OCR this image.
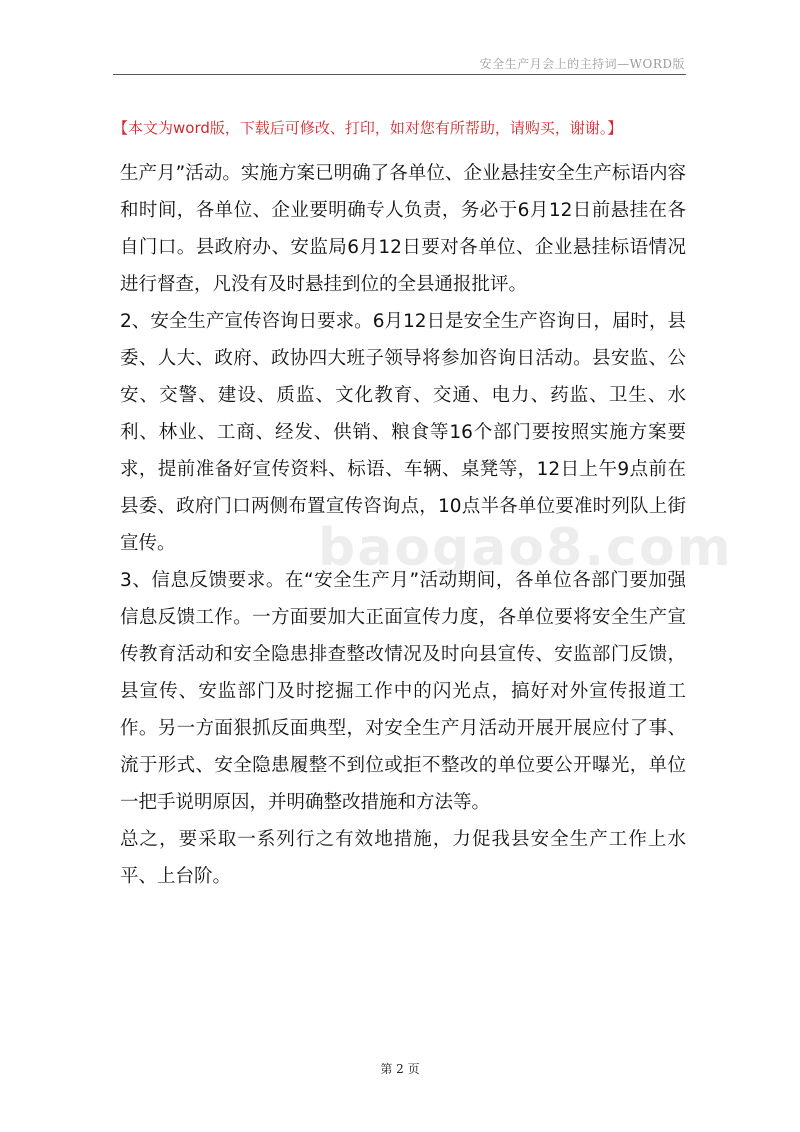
安全生产月会上的主持词—WORD版
【本文为word版，下载后可修改、打印，如对您有所帮助，请购买，谢谢。】

生产月”活动。实施方案已明确了各单位、企业悬挂安全生产标语内容和时间，各单位、企业要明确专人负责，务必于6月12日前悬挂在各自门口。县政府办、安监局6月12日要对各单位、企业悬挂标语情况进行督查，凡没有及时悬挂到位的全县通报批评。

2、安全生产宣传咨询日要求。6月12日是安全生产咨询日，届时，县委、人大、政府、政协四大班子领导将参加咨询日活动。县安监、公安、交警、建设、质监、文化教育、交通、电力、药监、卫生、水利、林业、工商、经发、供销、粮食等16个部门要按照实施方案要求，提前准备好宣传资料、标语、车辆、桌凳等，12日上午9点前在县委、政府门口两侧布置宣传咨询点，10点半各单位要准时列队上街宣传。

3、信息反馈要求。在“安全生产月”活动期间，各单位各部门要加强信息反馈工作。一方面要加大正面宣传力度，各单位要将安全生产宣传教育活动和安全隐患排查整改情况及时向县宣传、安监部门反馈，县宣传、安监部门及时挖掘工作中的闪光点，搞好对外宣传报道工作。另一方面狠抓反面典型，对安全生产月活动开展开展应付了事、流于形式、安全隐患履整不到位或拒不整改的单位要公开曝光，单位一把手说明原因，并明确整改措施和方法等。

总之，要采取一系列行之有效地措施，力促我县安全生产工作上水平、上台阶。

baogao8.com
第 2 页
